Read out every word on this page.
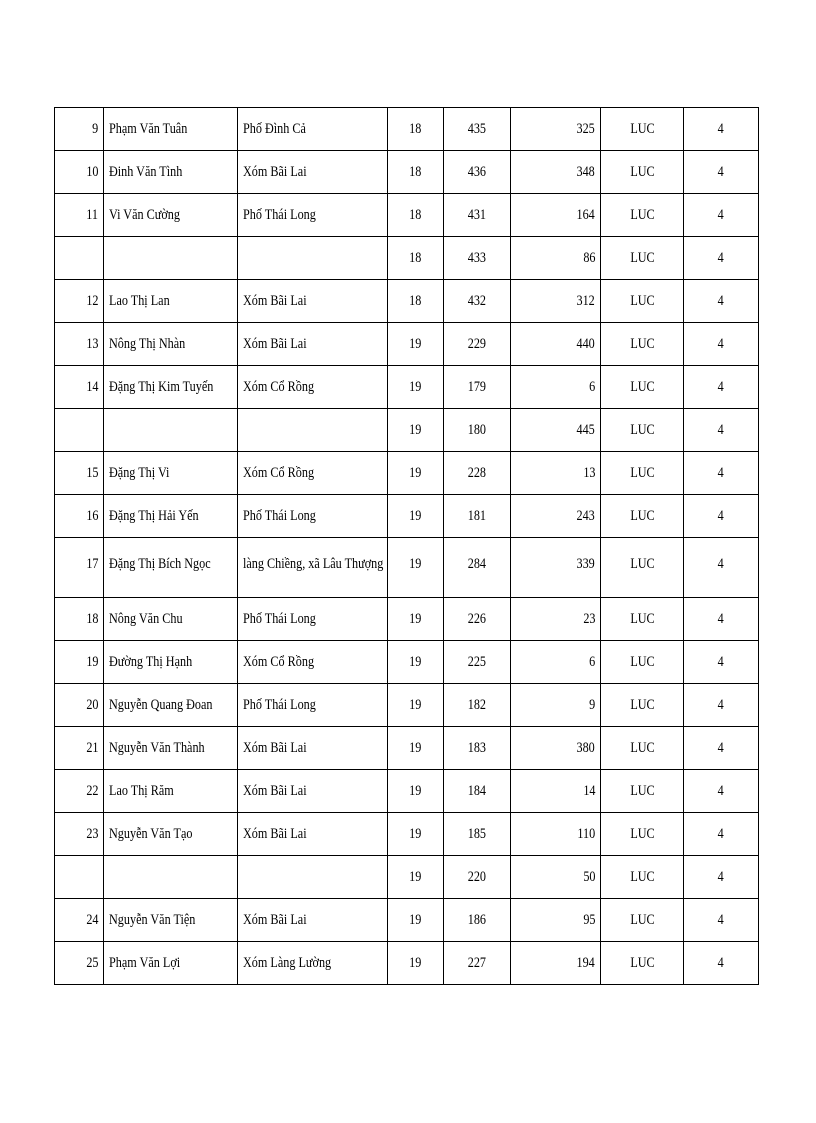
9	Phạm Văn Tuân	Phố Đình Cả	18	435	325	LUC	4
10	Đinh Văn Tình	Xóm Bãi Lai	18	436	348	LUC	4
11	Vi Văn Cường	Phố Thái Long	18	431	164	LUC	4
			18	433	86	LUC	4
12	Lao Thị Lan	Xóm Bãi Lai	18	432	312	LUC	4
13	Nông Thị Nhàn	Xóm Bãi Lai	19	229	440	LUC	4
14	Đặng Thị Kim Tuyến	Xóm Cổ Rồng	19	179	6	LUC	4
			19	180	445	LUC	4
15	Đặng Thị Vi	Xóm Cổ Rồng	19	228	13	LUC	4
16	Đặng Thị Hải Yến	Phố Thái Long	19	181	243	LUC	4
17	Đặng Thị Bích Ngọc	làng Chiềng, xã Lâu Thượng	19	284	339	LUC	4
18	Nông Văn Chu	Phố Thái Long	19	226	23	LUC	4
19	Đường Thị Hạnh	Xóm Cổ Rồng	19	225	6	LUC	4
20	Nguyễn Quang Đoan	Phố Thái Long	19	182	9	LUC	4
21	Nguyễn Văn Thành	Xóm Bãi Lai	19	183	380	LUC	4
22	Lao Thị Răm	Xóm Bãi Lai	19	184	14	LUC	4
23	Nguyễn Văn Tạo	Xóm Bãi Lai	19	185	110	LUC	4
			19	220	50	LUC	4
24	Nguyễn Văn Tiện	Xóm Bãi Lai	19	186	95	LUC	4
25	Phạm Văn Lợi	Xóm Làng Lường	19	227	194	LUC	4
